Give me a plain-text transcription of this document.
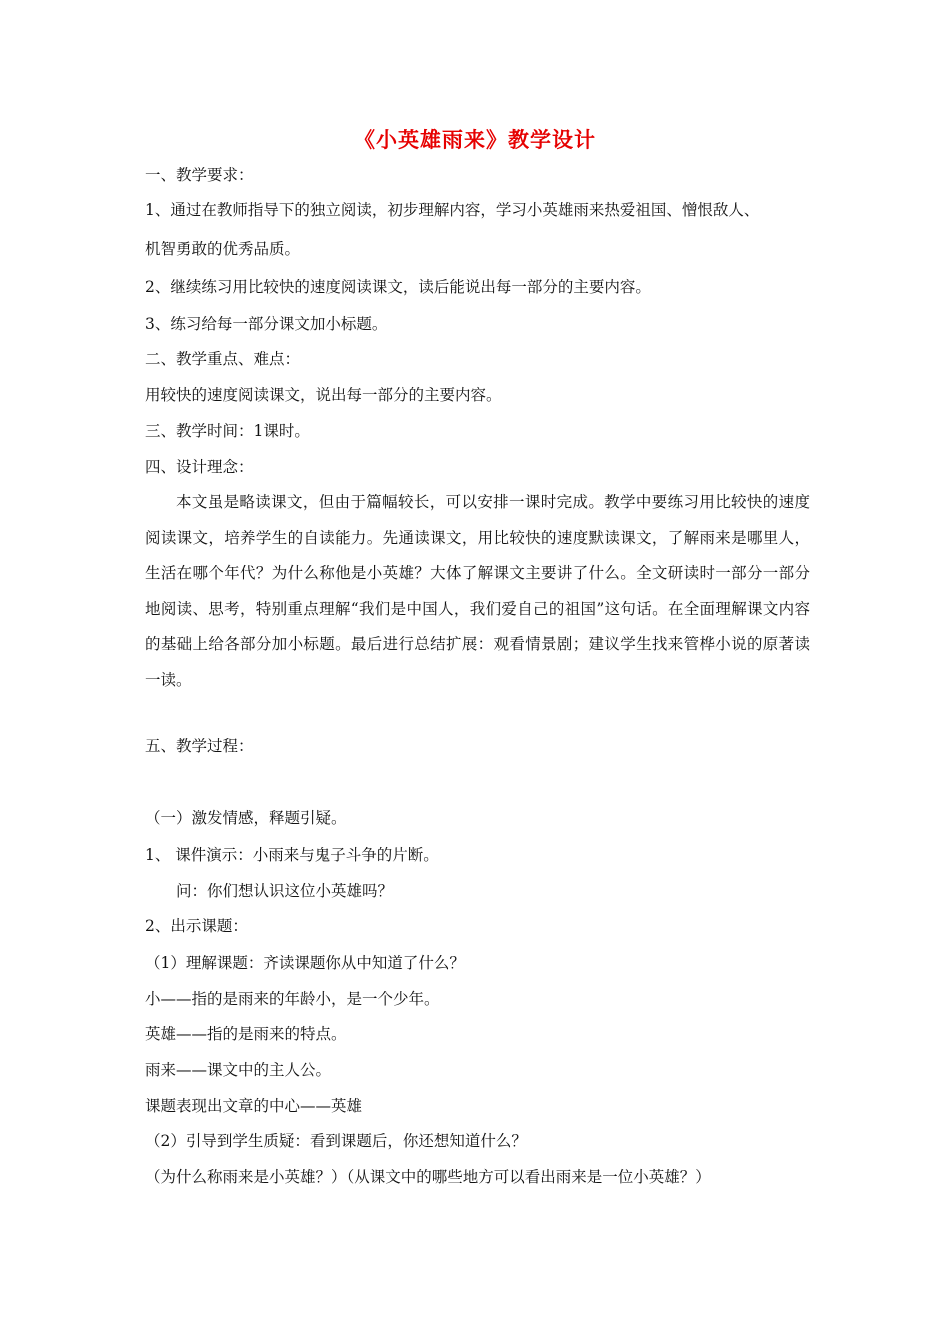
《小英雄雨来》教学设计
一、教学要求：
1、通过在教师指导下的独立阅读，初步理解内容，学习小英雄雨来热爱祖国、憎恨敌人、
机智勇敢的优秀品质。
2、继续练习用比较快的速度阅读课文，读后能说出每一部分的主要内容。
3、练习给每一部分课文加小标题。
二、教学重点、难点：
用较快的速度阅读课文，说出每一部分的主要内容。
三、教学时间：1课时。
四、设计理念：
本文虽是略读课文，但由于篇幅较长，可以安排一课时完成。教学中要练习用比较快的速度阅读课文，培养学生的自读能力。先通读课文，用比较快的速度默读课文，了解雨来是哪里人，生活在哪个年代？为什么称他是小英雄？大体了解课文主要讲了什么。全文研读时一部分一部分地阅读、思考，特别重点理解“我们是中国人，我们爱自己的祖国”这句话。在全面理解课文内容的基础上给各部分加小标题。最后进行总结扩展：观看情景剧；建议学生找来管桦小说的原著读一读。
五、教学过程：
（一）激发情感，释题引疑。
1、 课件演示：小雨来与鬼子斗争的片断。
问：你们想认识这位小英雄吗？
2、出示课题：
（1）理解课题：齐读课题你从中知道了什么？
小——指的是雨来的年龄小，是一个少年。
英雄——指的是雨来的特点。
雨来——课文中的主人公。
课题表现出文章的中心——英雄
（2）引导到学生质疑：看到课题后，你还想知道什么？
（为什么称雨来是小英雄？）（从课文中的哪些地方可以看出雨来是一位小英雄？）
